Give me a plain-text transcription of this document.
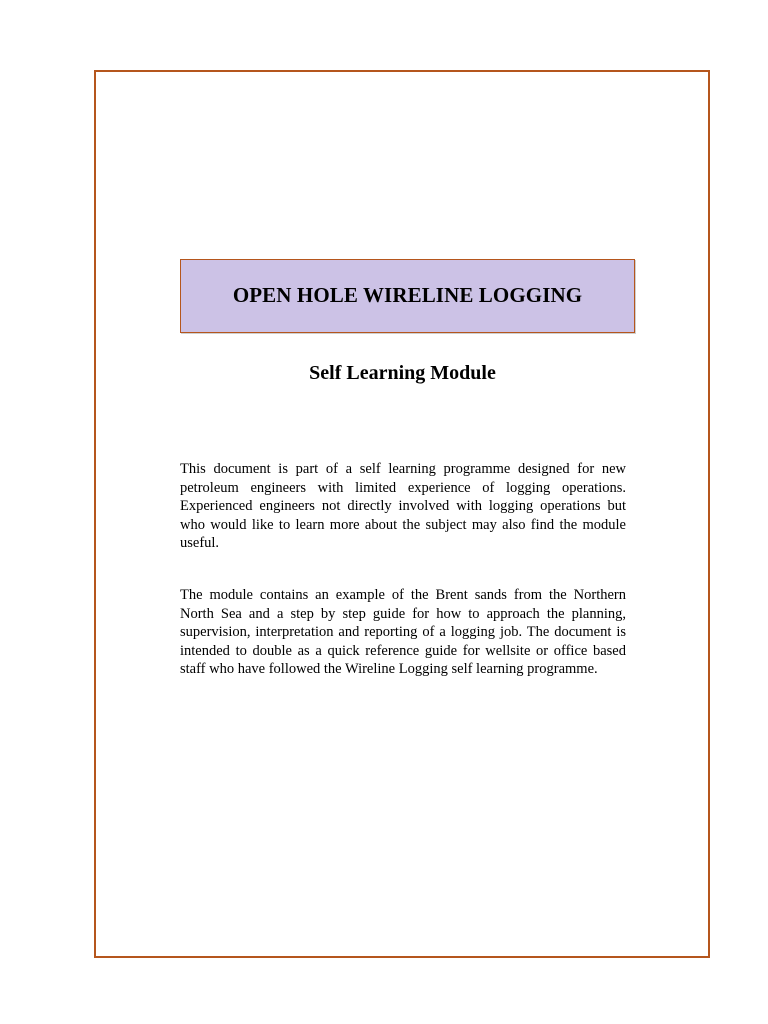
OPEN HOLE WIRELINE LOGGING
Self Learning Module

This document is part of a self learning programme designed for new petroleum engineers with limited experience of logging operations. Experienced engineers not directly involved with logging operations but who would like to learn more about the subject may also find the module useful.

The module contains an example of the Brent sands from the Northern North Sea and a step by step guide for how to approach the planning, supervision, interpretation and reporting of a logging job. The document is intended to double as a quick reference guide for wellsite or office based staff who have followed the Wireline Logging self learning programme.
